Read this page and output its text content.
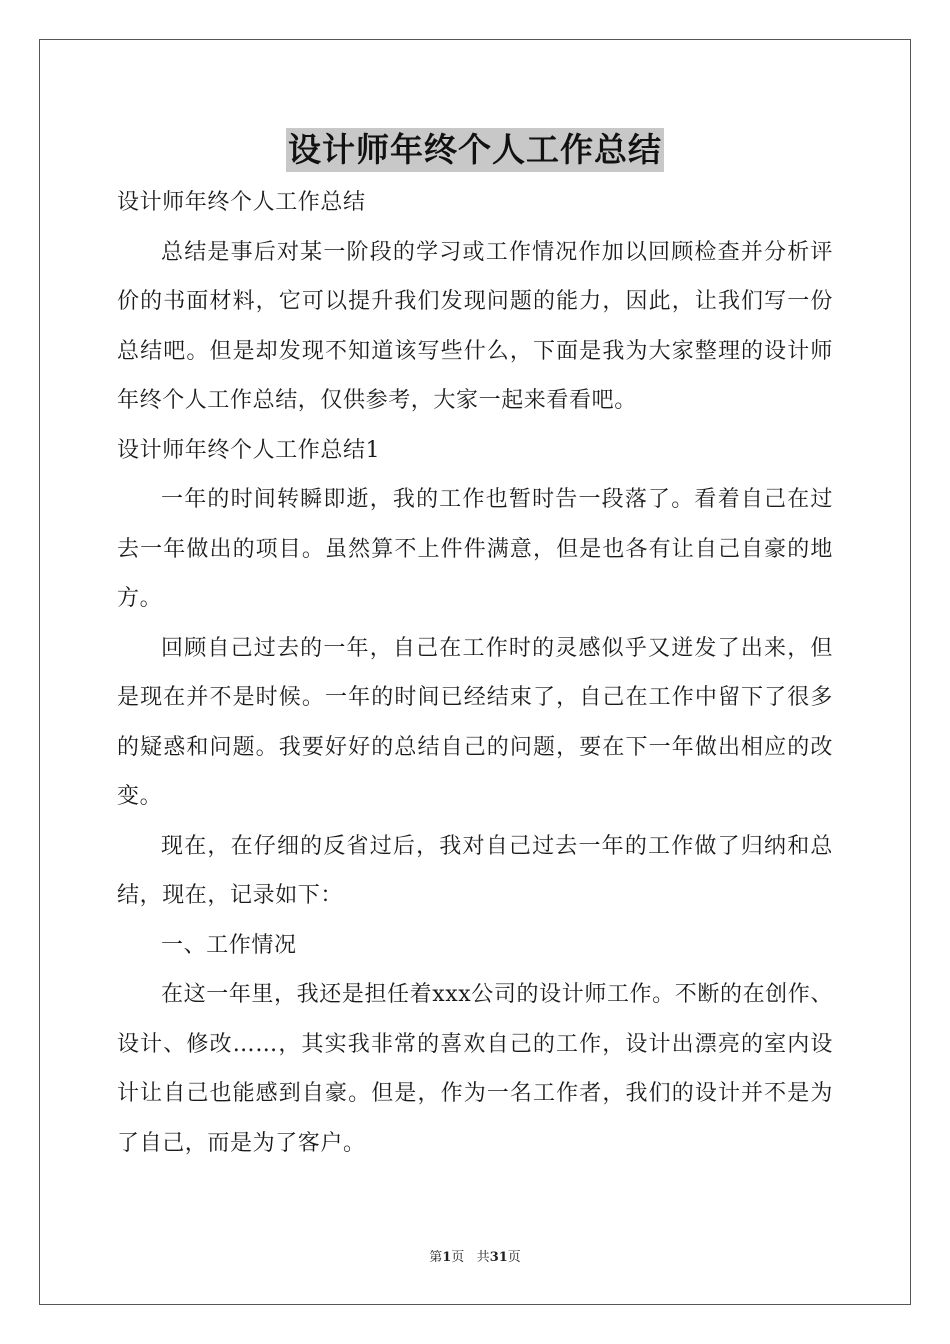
设计师年终个人工作总结

设计师年终个人工作总结

总结是事后对某一阶段的学习或工作情况作加以回顾检查并分析评价的书面材料，它可以提升我们发现问题的能力，因此，让我们写一份总结吧。但是却发现不知道该写些什么，下面是我为大家整理的设计师年终个人工作总结，仅供参考，大家一起来看看吧。

设计师年终个人工作总结1

一年的时间转瞬即逝，我的工作也暂时告一段落了。看着自己在过去一年做出的项目。虽然算不上件件满意，但是也各有让自己自豪的地方。

回顾自己过去的一年，自己在工作时的灵感似乎又迸发了出来，但是现在并不是时候。一年的时间已经结束了，自己在工作中留下了很多的疑惑和问题。我要好好的总结自己的问题，要在下一年做出相应的改变。

现在，在仔细的反省过后，我对自己过去一年的工作做了归纳和总结，现在，记录如下：

一、工作情况

在这一年里，我还是担任着xxx公司的设计师工作。不断的在创作、设计、修改……，其实我非常的喜欢自己的工作，设计出漂亮的室内设计让自己也能感到自豪。但是，作为一名工作者，我们的设计并不是为了自己，而是为了客户。

第1页 共31页
